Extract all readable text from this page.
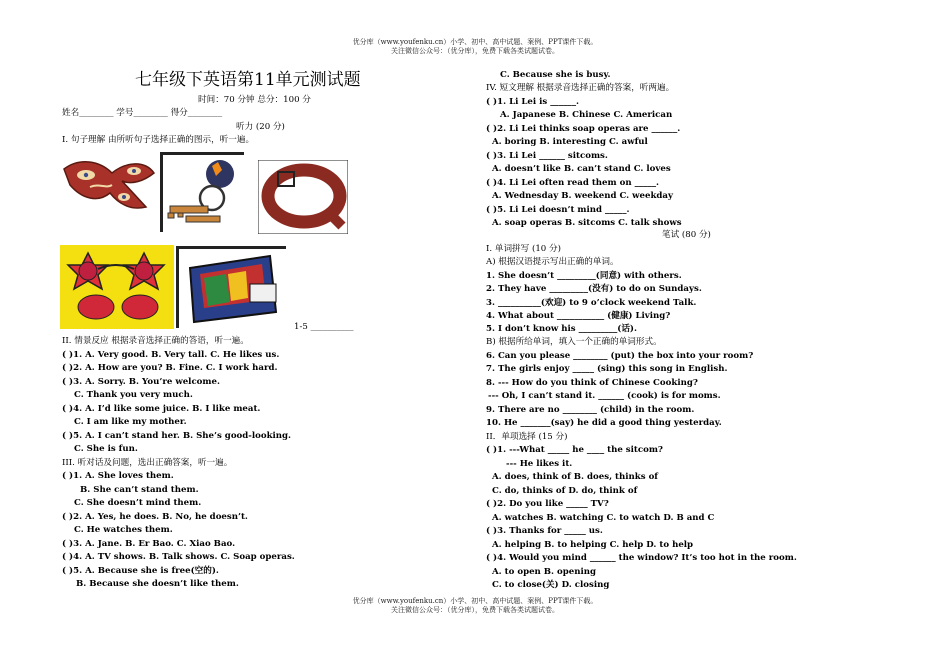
优分库（www.youfenku.cn）小学、初中、高中试题、案例、PPT课件下载。
关注微信公众号：（优分库），免费下载各类试题试卷。
七年级下英语第11单元测试题
时间：70 分钟 总分：100 分
姓名________ 学号________ 得分________
听力 (20 分)
I. 句子理解 由所听句子选择正确的图示，听一遍。
1-5 __________
II. 情景反应 根据录音选择正确的答语，听一遍。
( )1. A. Very good. B. Very tall. C. He likes us.
( )2. A. How are you? B. Fine. C. I work hard.
( )3. A. Sorry. B. You’re welcome.
C. Thank you very much.
( )4. A. I’d like some juice. B. I like meat.
C. I am like my mother.
( )5. A. I can’t stand her. B. She’s good-looking.
C. She is fun.
III. 听对话及问题，选出正确答案，听一遍。
( )1. A. She loves them.
B. She can’t stand them.
C. She doesn’t mind them.
( )2. A. Yes, he does. B. No, he doesn’t.
C. He watches them.
( )3. A. Jane. B. Er Bao. C. Xiao Bao.
( )4. A. TV shows. B. Talk shows. C. Soap operas.
( )5. A. Because she is free(空的).
B. Because she doesn’t like them.
C. Because she is busy.
IV. 短文理解 根据录音选择正确的答案，听两遍。
( )1. Li Lei is ______.
A. Japanese B. Chinese C. American
( )2. Li Lei thinks soap operas are ______.
A. boring B. interesting C. awful
( )3. Li Lei ______ sitcoms.
A. doesn’t like B. can’t stand C. loves
( )4. Li Lei often read them on _____.
A. Wednesday B. weekend C. weekday
( )5. Li Lei doesn’t mind _____.
A. soap operas B. sitcoms C. talk shows
笔试 (80 分)
I. 单词拼写 (10 分)
A) 根据汉语提示写出正确的单词。
1. She doesn’t _________(同意) with others.
2. They have _________(没有) to do on Sundays.
3. __________(欢迎) to 9 o’clock weekend Talk.
4. What about ___________ (健康) Living?
5. I don’t know his _________(话).
B) 根据所给单词，填入一个正确的单词形式。
6. Can you please ________ (put) the box into your room?
7. The girls enjoy _____ (sing) this song in English.
8. --- How do you think of Chinese Cooking?
--- Oh, I can’t stand it. ______ (cook) is for moms.
9. There are no ________ (child) in the room.
10. He _______(say) he did a good thing yesterday.
II．单项选择 (15 分)
( )1. ---What _____ he ____ the sitcom?
--- He likes it.
A. does, think of B. does, thinks of
C. do, thinks of D. do, think of
( )2. Do you like _____ TV?
A. watches B. watching C. to watch D. B and C
( )3. Thanks for _____ us.
A. helping B. to helping C. help D. to help
( )4. Would you mind ______ the window? It’s too hot in the room.
A. to open B. opening
C. to close(关) D. closing
优分库（www.youfenku.cn）小学、初中、高中试题、案例、PPT课件下载。
关注微信公众号：（优分库），免费下载各类试题试卷。
